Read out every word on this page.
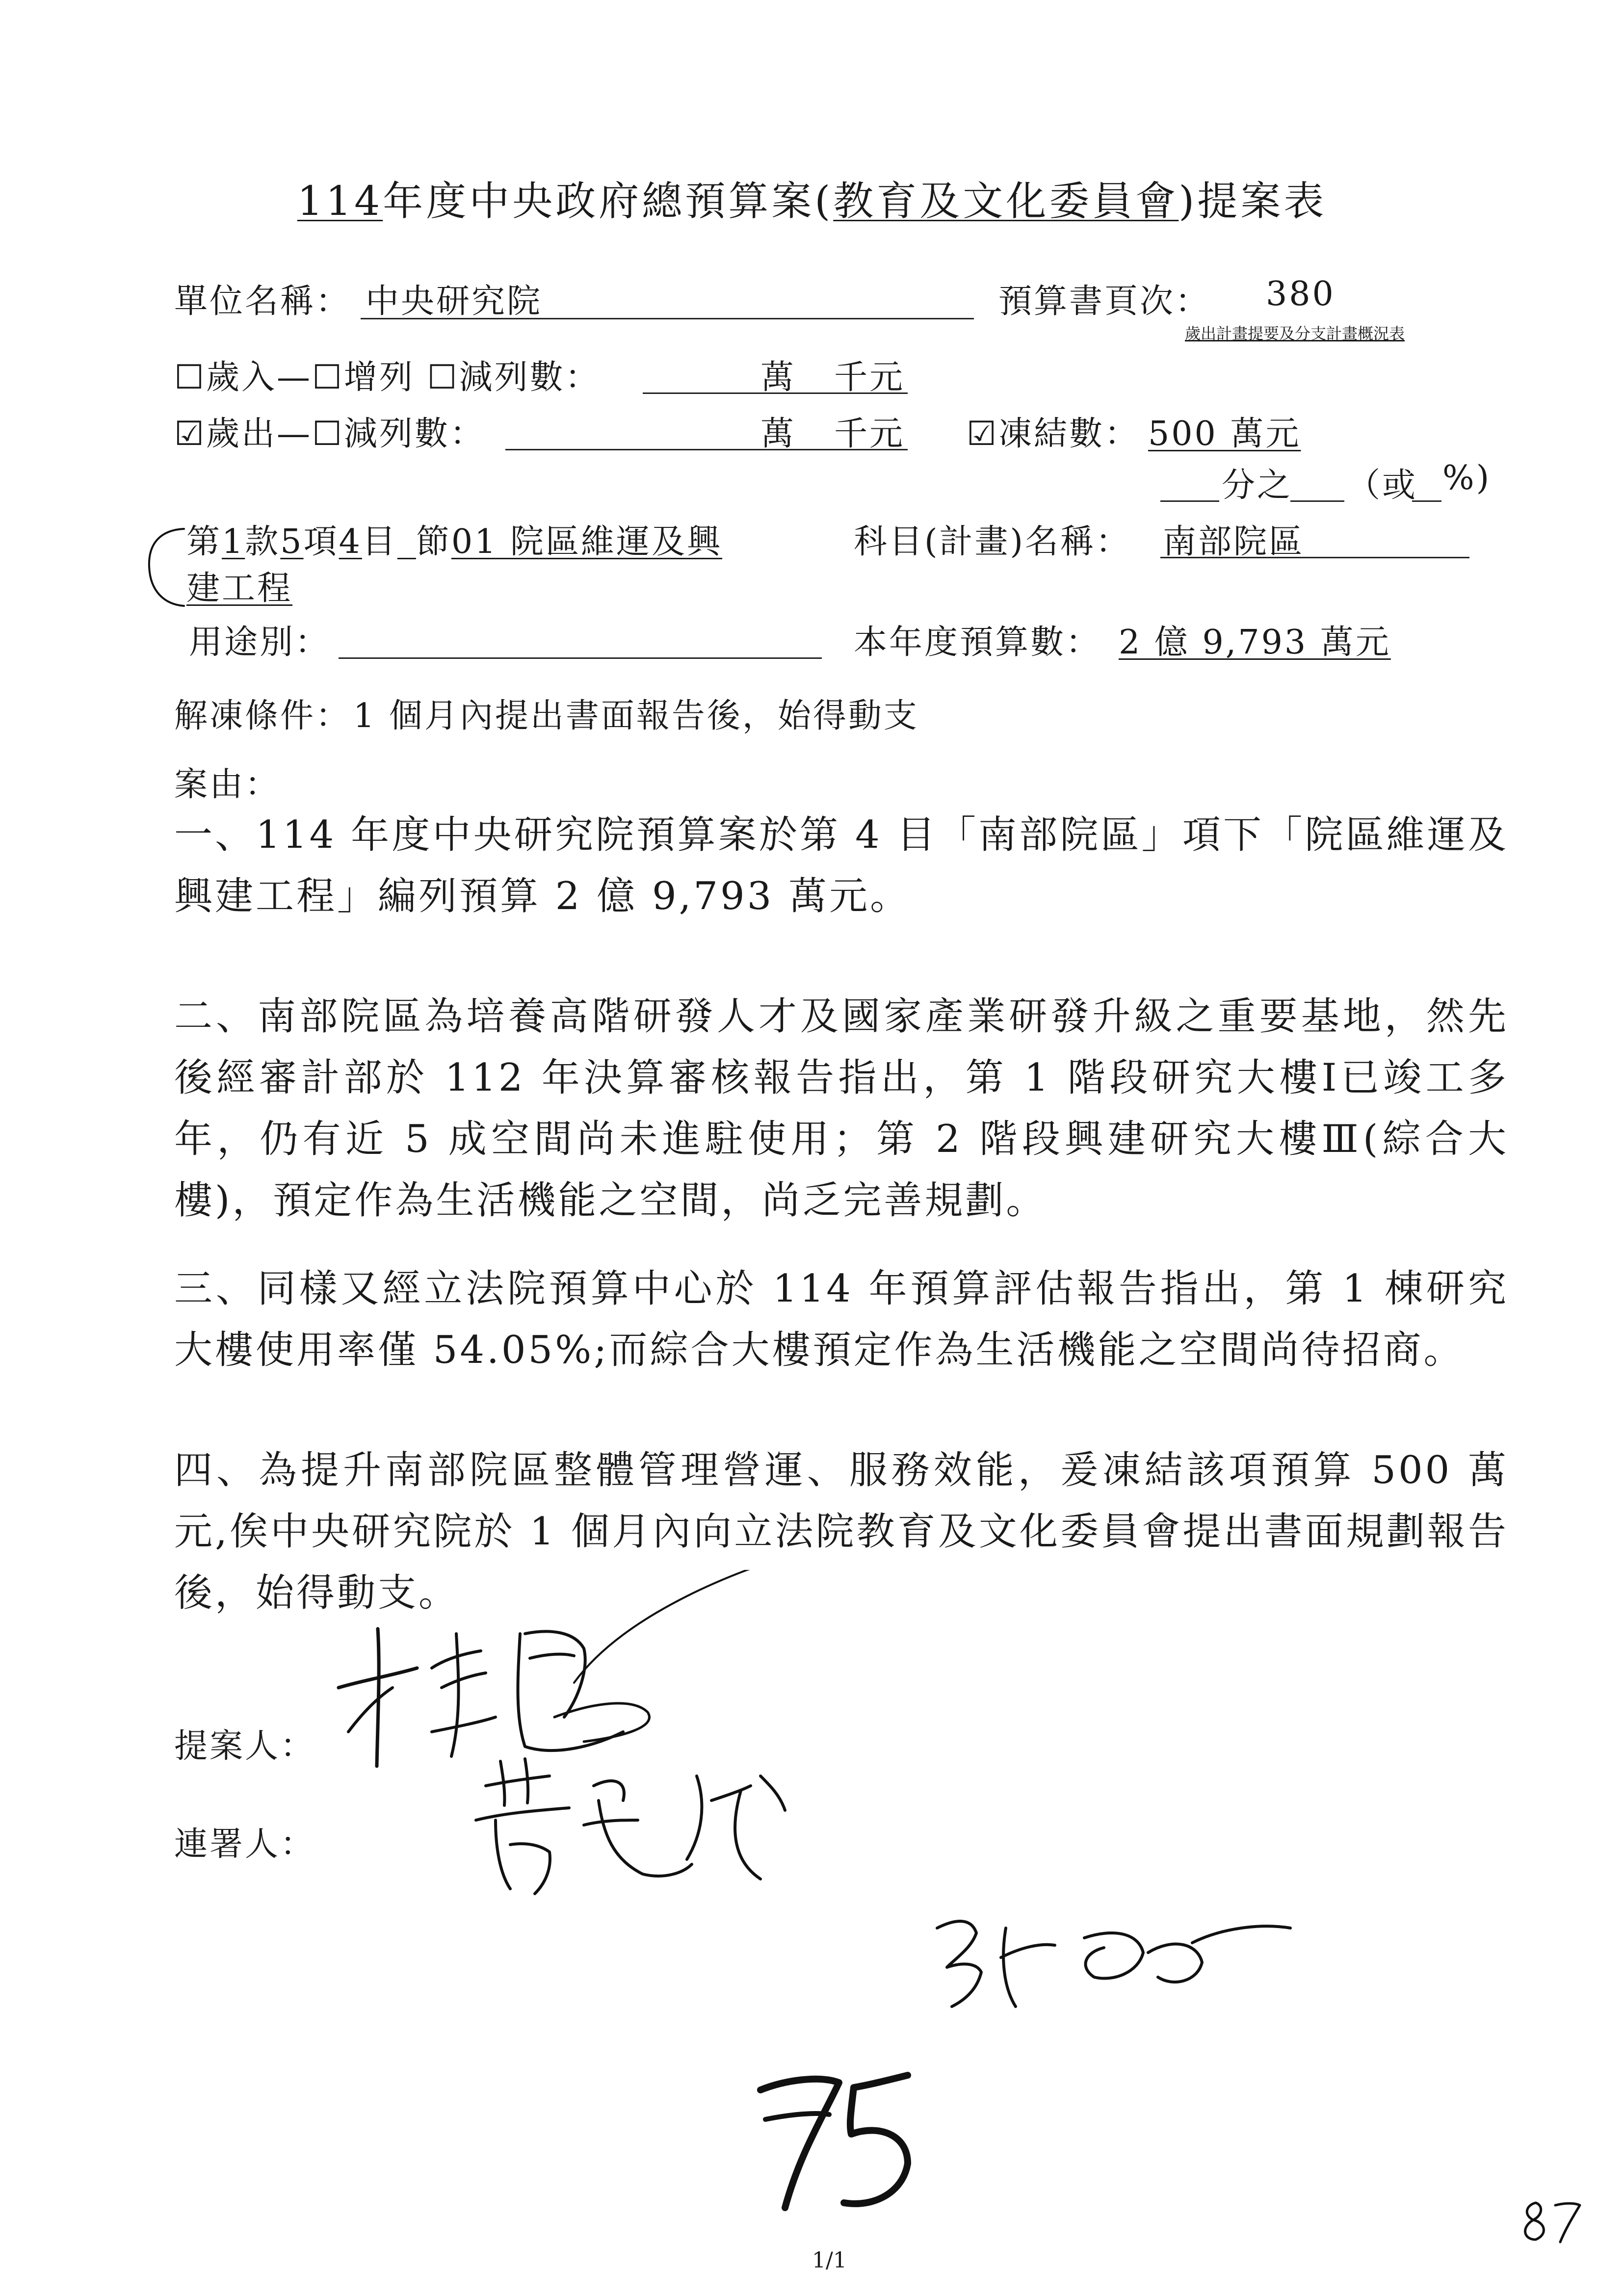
114年度中央政府總預算案(教育及文化委員會)提案表
單位名稱： 中央研究院	預算書頁次： 380
歲出計畫提要及分支計畫概況表
☐歲入—☐增列 ☐減列數：	萬 千元
☑歲出—☐減列數：	萬 千元 ☑凍結數： 500 萬元
分之 （或 %)
第1款5項4目  節01 院區維運及興
建工程
科目(計畫)名稱： 南部院區
用途別：	本年度預算數： 2 億 9,793 萬元
解凍條件： 1 個月內提出書面報告後，始得動支
案由：
一、114 年度中央研究院預算案於第 4 目「南部院區」項下「院區維運及興建工程」編列預算 2 億 9,793 萬元。
二、南部院區為培養高階研發人才及國家產業研發升級之重要基地，然先後經審計部於 112 年決算審核報告指出，第 1 階段研究大樓Ⅰ已竣工多年，仍有近 5 成空間尚未進駐使用；第 2 階段興建研究大樓Ⅲ(綜合大樓)，預定作為生活機能之空間，尚乏完善規劃。
三、同樣又經立法院預算中心於 114 年預算評估報告指出，第 1 棟研究大樓使用率僅 54.05%;而綜合大樓預定作為生活機能之空間尚待招商。
四、為提升南部院區整體管理營運、服務效能，爰凍結該項預算 500 萬元,俟中央研究院於 1 個月內向立法院教育及文化委員會提出書面規劃報告後，始得動支。
提案人：
連署人：
1/1
